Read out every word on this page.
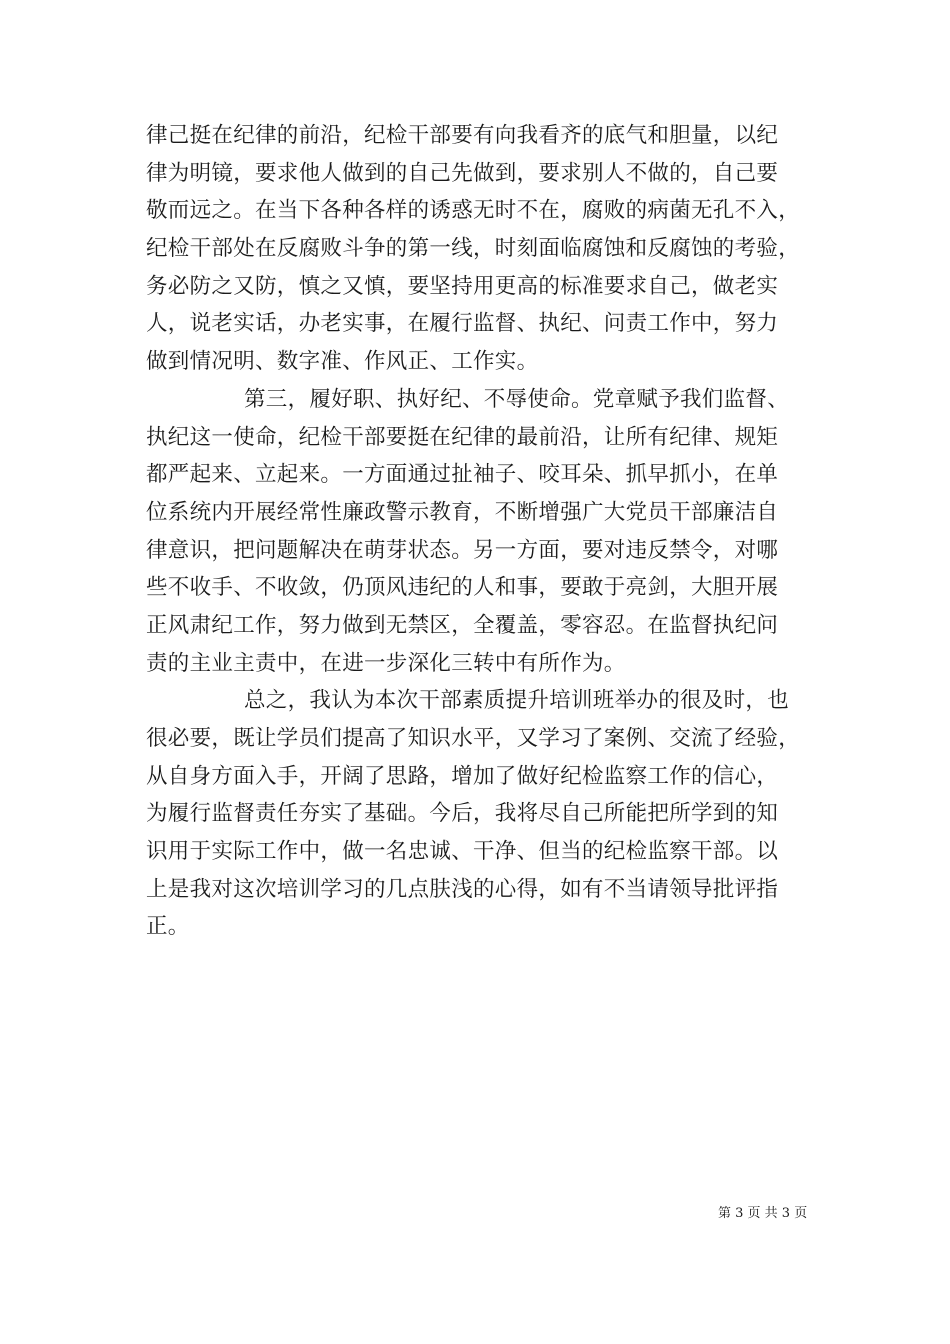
律己挺在纪律的前沿，纪检干部要有向我看齐的底气和胆量，以纪
律为明镜，要求他人做到的自己先做到，要求别人不做的，自己要
敬而远之。在当下各种各样的诱惑无时不在，腐败的病菌无孔不入，
纪检干部处在反腐败斗争的第一线，时刻面临腐蚀和反腐蚀的考验，
务必防之又防，慎之又慎，要坚持用更高的标准要求自己，做老实
人，说老实话，办老实事，在履行监督、执纪、问责工作中，努力
做到情况明、数字准、作风正、工作实。
第三，履好职、执好纪、不辱使命。党章赋予我们监督、
执纪这一使命，纪检干部要挺在纪律的最前沿，让所有纪律、规矩
都严起来、立起来。一方面通过扯袖子、咬耳朵、抓早抓小，在单
位系统内开展经常性廉政警示教育，不断增强广大党员干部廉洁自
律意识，把问题解决在萌芽状态。另一方面，要对违反禁令，对哪
些不收手、不收敛，仍顶风违纪的人和事，要敢于亮剑，大胆开展
正风肃纪工作，努力做到无禁区，全覆盖，零容忍。在监督执纪问
责的主业主责中，在进一步深化三转中有所作为。
总之，我认为本次干部素质提升培训班举办的很及时，也
很必要，既让学员们提高了知识水平，又学习了案例、交流了经验，
从自身方面入手，开阔了思路，增加了做好纪检监察工作的信心，
为履行监督责任夯实了基础。今后，我将尽自己所能把所学到的知
识用于实际工作中，做一名忠诚、干净、但当的纪检监察干部。以
上是我对这次培训学习的几点肤浅的心得，如有不当请领导批评指
正。
第 3 页 共 3 页
